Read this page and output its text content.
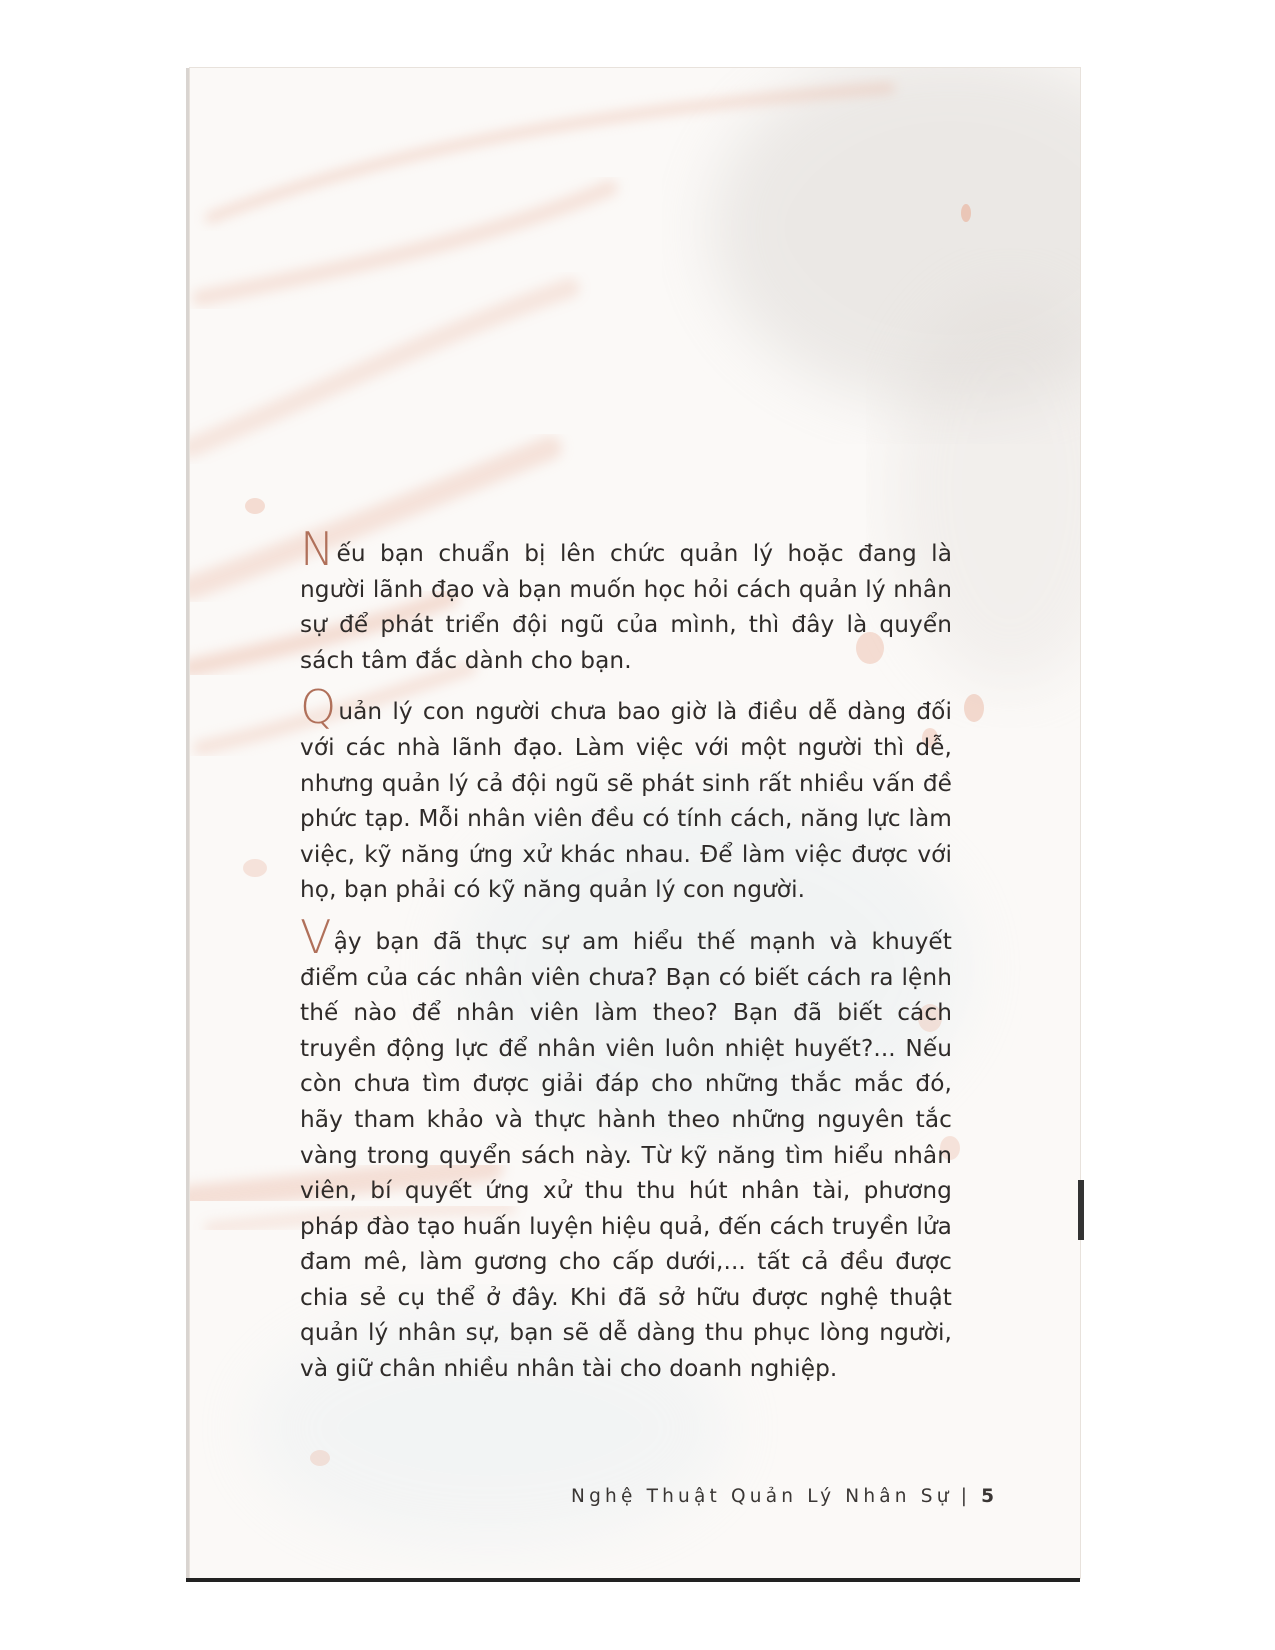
Nếu bạn chuẩn bị lên chức quản lý hoặc đang là người lãnh đạo và bạn muốn học hỏi cách quản lý nhân sự để phát triển đội ngũ của mình, thì đây là quyển sách tâm đắc dành cho bạn.

Quản lý con người chưa bao giờ là điều dễ dàng đối với các nhà lãnh đạo. Làm việc với một người thì dễ, nhưng quản lý cả đội ngũ sẽ phát sinh rất nhiều vấn đề phức tạp. Mỗi nhân viên đều có tính cách, năng lực làm việc, kỹ năng ứng xử khác nhau. Để làm việc được với họ, bạn phải có kỹ năng quản lý con người.

Vậy bạn đã thực sự am hiểu thế mạnh và khuyết điểm của các nhân viên chưa? Bạn có biết cách ra lệnh thế nào để nhân viên làm theo? Bạn đã biết cách truyền động lực để nhân viên luôn nhiệt huyết?... Nếu còn chưa tìm được giải đáp cho những thắc mắc đó, hãy tham khảo và thực hành theo những nguyên tắc vàng trong quyển sách này. Từ kỹ năng tìm hiểu nhân viên, bí quyết ứng xử thu thu hút nhân tài, phương pháp đào tạo huấn luyện hiệu quả, đến cách truyền lửa đam mê, làm gương cho cấp dưới,... tất cả đều được chia sẻ cụ thể ở đây. Khi đã sở hữu được nghệ thuật quản lý nhân sự, bạn sẽ dễ dàng thu phục lòng người, và giữ chân nhiều nhân tài cho doanh nghiệp.

Nghệ Thuật Quản Lý Nhân Sự | 5
